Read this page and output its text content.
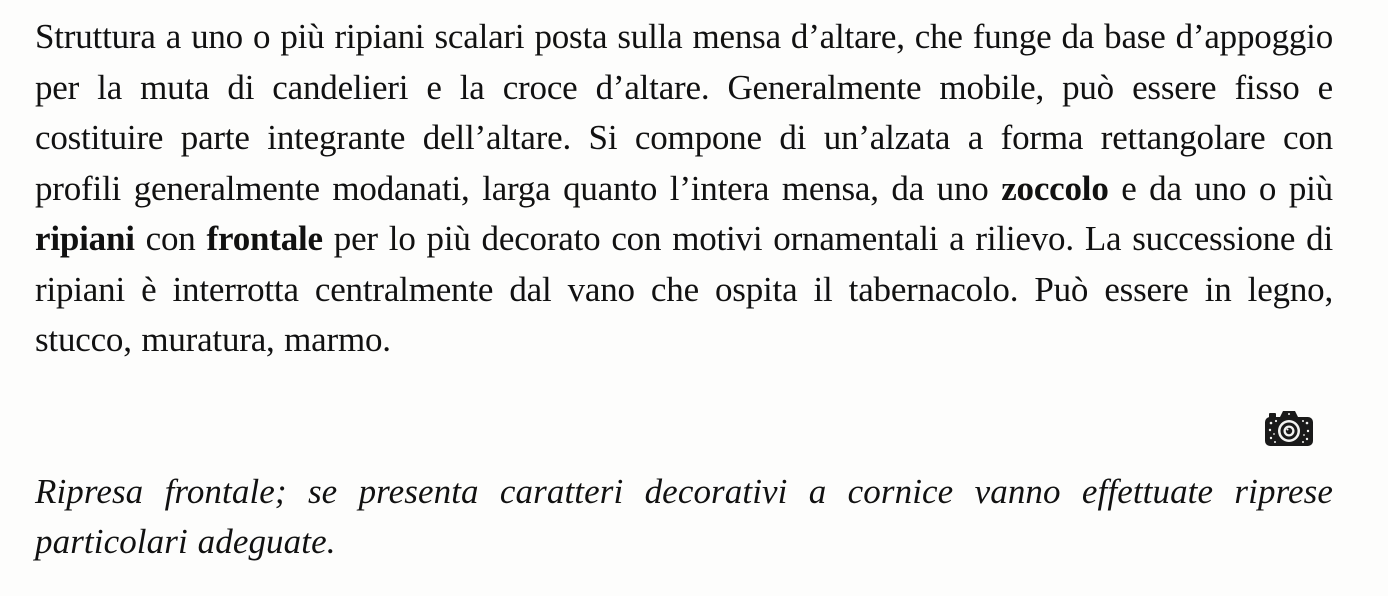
Struttura a uno o più ripiani scalari posta sulla mensa d’altare, che funge da base d’appoggio per la muta di candelieri e la croce d’altare. Generalmente mobile, può essere fisso e costituire parte integrante dell’altare. Si compone di un’alzata a forma rettangolare con profili generalmente modanati, larga quanto l’intera mensa, da uno zoccolo e da uno o più ripiani con frontale per lo più decorato con motivi ornamentali a rilievo. La successione di ripiani è interrotta centralmente dal vano che ospita il tabernacolo. Può essere in legno, stucco, muratura, marmo.

Ripresa frontale; se presenta caratteri decorativi a cornice vanno effettuate riprese particolari adeguate.
